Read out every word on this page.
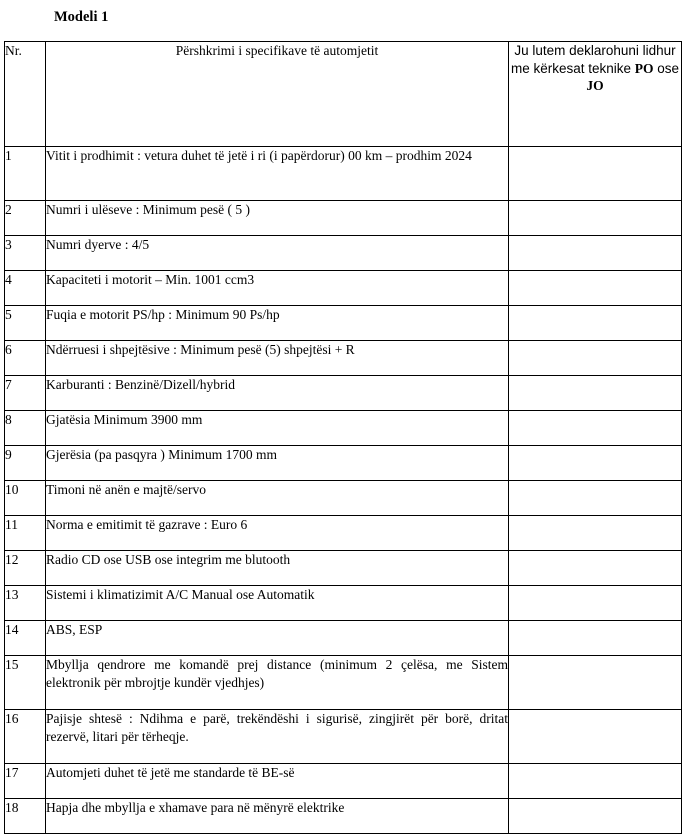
Modeli 1
Nr.	Përshkrimi i specifikave të automjetit	Ju lutem deklarohuni lidhur me kërkesat teknike PO ose JO
1	Vitit i prodhimit : vetura duhet të jetë i ri (i papërdorur) 00 km – prodhim 2024	
2	Numri i ulëseve : Minimum pesë ( 5 )	
3	Numri dyerve : 4/5	
4	Kapaciteti i motorit – Min. 1001 ccm3	
5	Fuqia e motorit PS/hp : Minimum 90 Ps/hp	
6	Ndërruesi i shpejtësive : Minimum pesë (5) shpejtësi + R	
7	Karburanti : Benzinë/Dizell/hybrid	
8	Gjatësia Minimum 3900 mm	
9	Gjerësia (pa pasqyra ) Minimum 1700 mm	
10	Timoni në anën e majtë/servo	
11	Norma e emitimit të gazrave : Euro 6	
12	Radio CD ose USB ose integrim me blutooth	
13	Sistemi i klimatizimit A/C Manual ose Automatik	
14	ABS, ESP	
15	Mbyllja qendrore me komandë prej distance (minimum 2 çelësa, me Sistem elektronik për mbrojtje kundër vjedhjes)	
16	Pajisje shtesë : Ndihma e parë, trekëndëshi i sigurisë, zingjirët për borë, dritat rezervë, litari për tërheqje.	
17	Automjeti duhet të jetë me standarde të BE-së	
18	Hapja dhe mbyllja e xhamave para në mënyrë elektrike	
